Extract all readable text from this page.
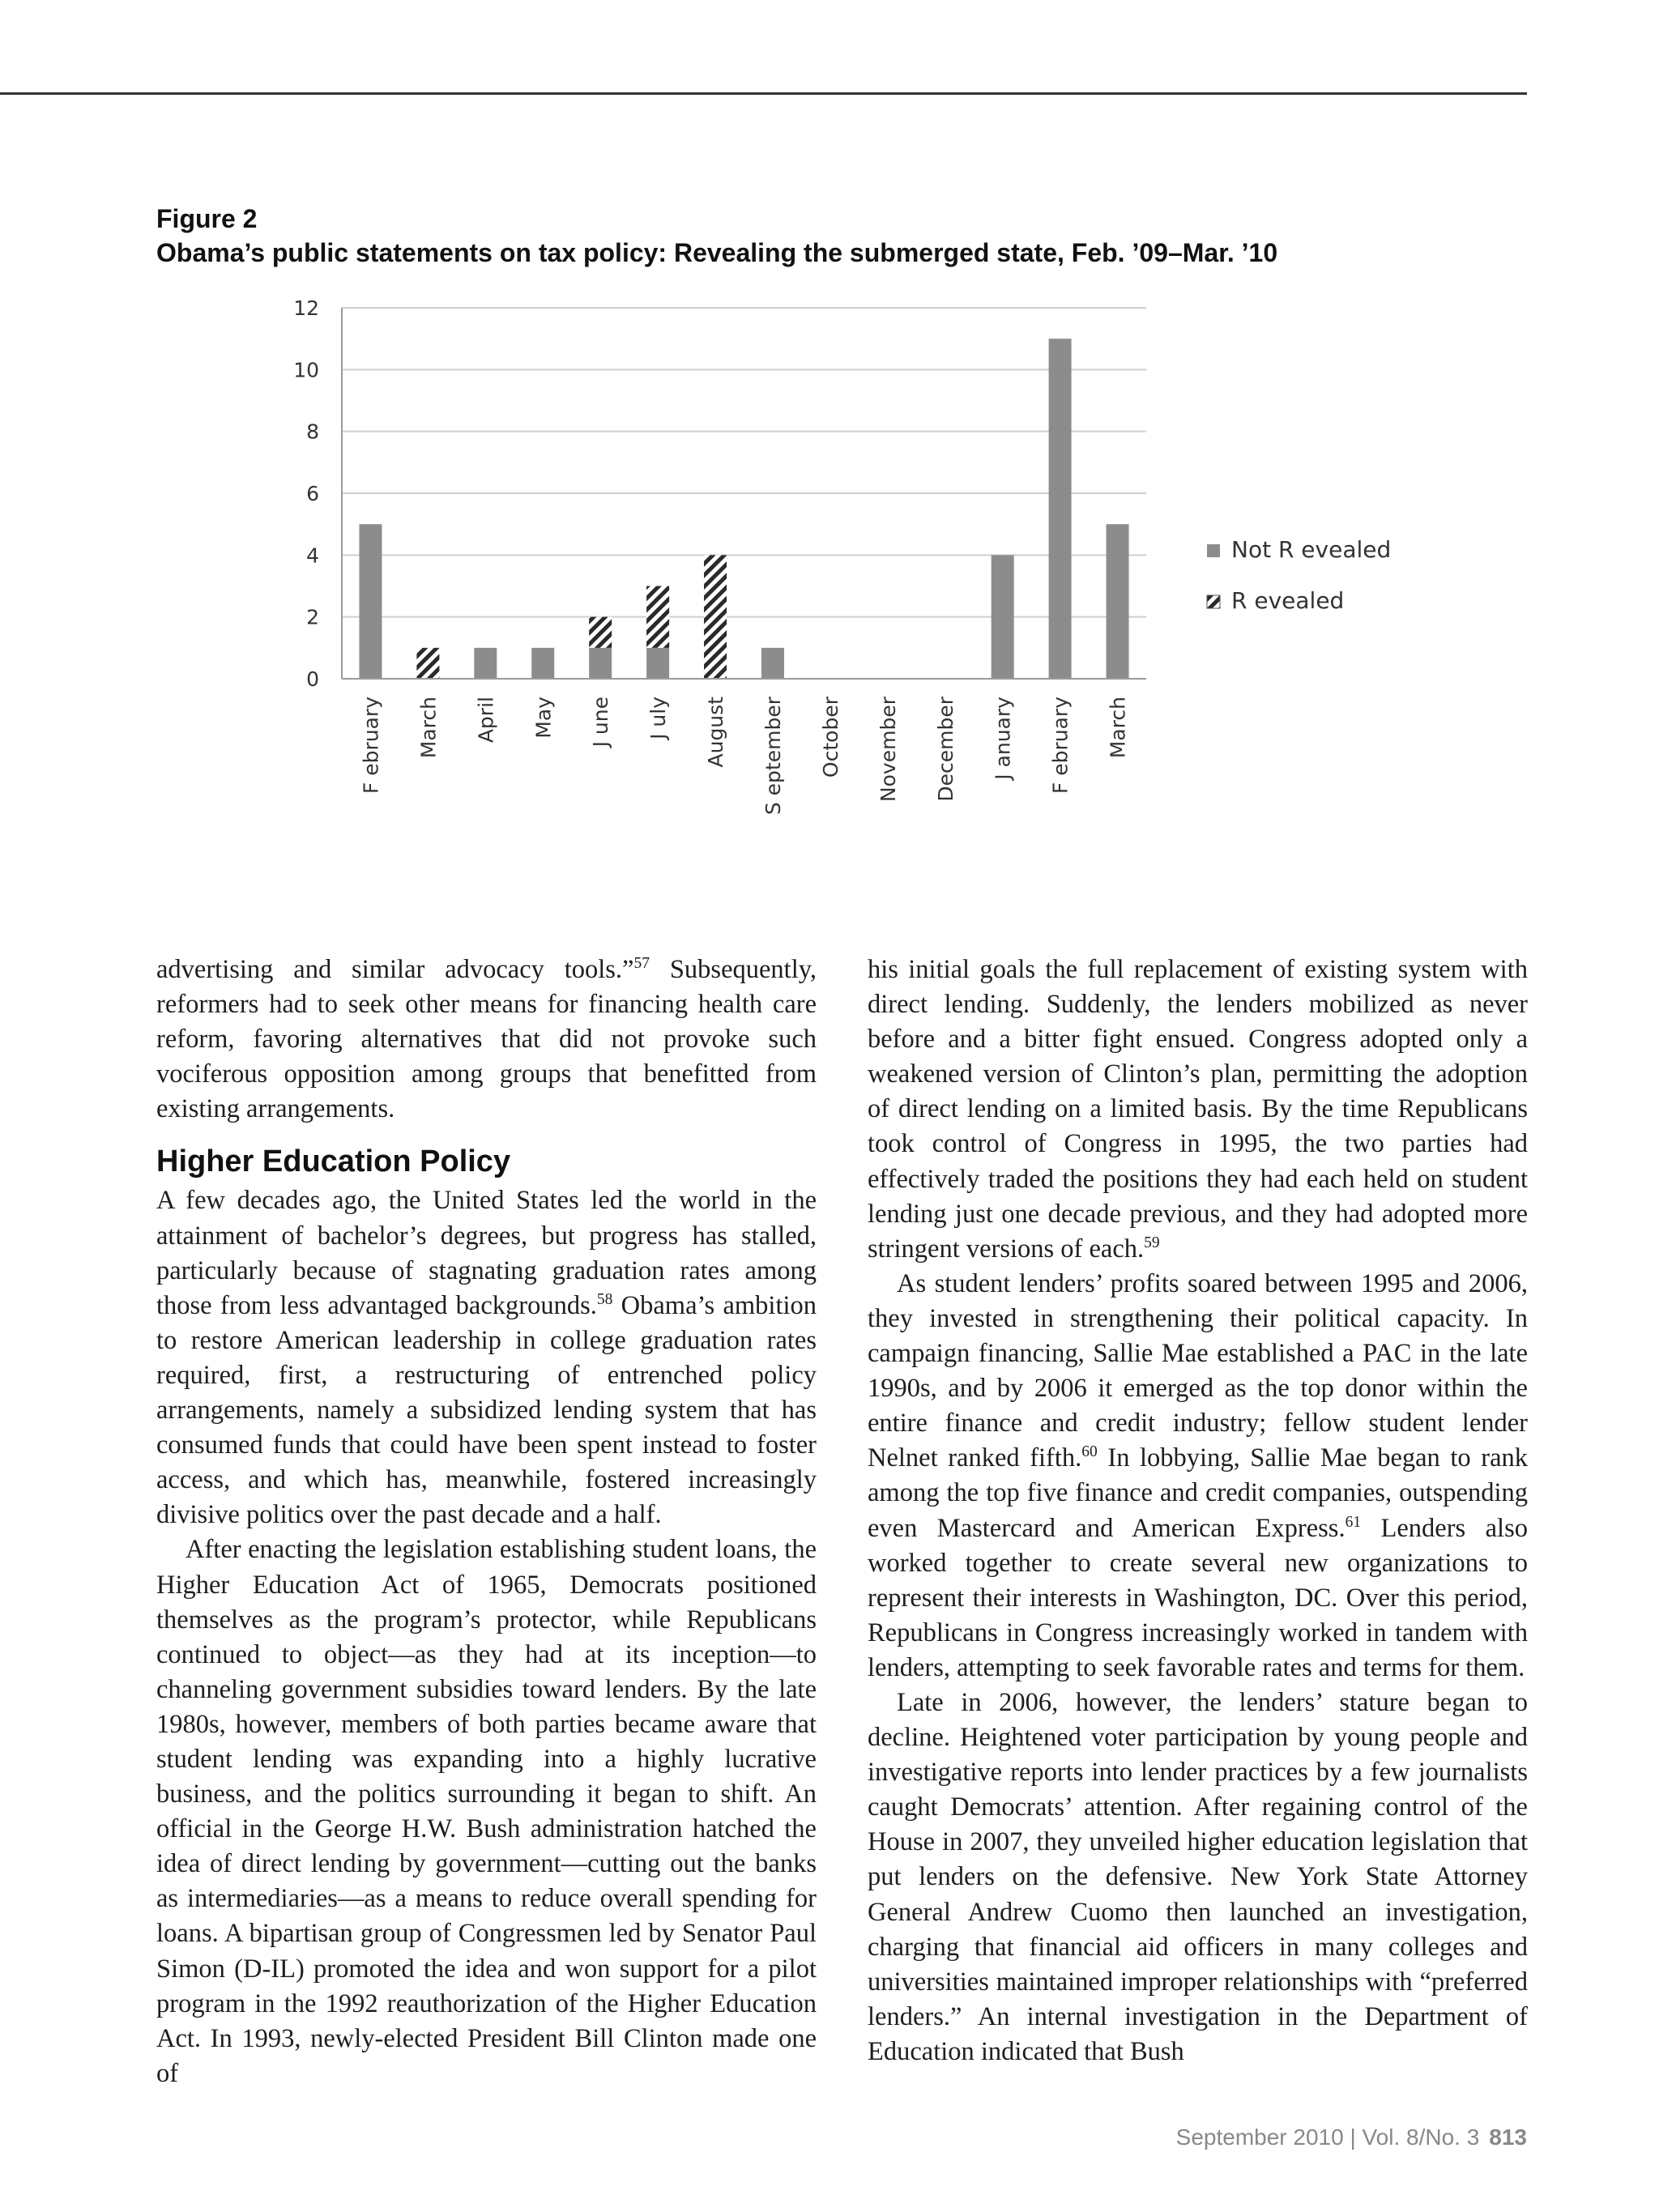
Figure 2
Obama’s public statements on tax policy: Revealing the submerged state, Feb. ’09–Mar. ’10
0
2
4
6
8
10
12
F ebruary March April May J une J uly August S eptember October November December J anuary F ebruary March
Not R evealed
R evealed

advertising and similar advocacy tools.”$^{57}$ Subsequently, reformers had to seek other means for financing health care reform, favoring alternatives that did not provoke such vociferous opposition among groups that benefitted from existing arrangements.

Higher Education Policy

A few decades ago, the United States led the world in the attainment of bachelor’s degrees, but progress has stalled, particularly because of stagnating graduation rates among those from less advantaged backgrounds.$^{58}$ Obama’s ambition to restore American leadership in college graduation rates required, first, a restructuring of entrenched policy arrangements, namely a subsidized lending system that has consumed funds that could have been spent instead to foster access, and which has, meanwhile, fostered increasingly divisive politics over the past decade and a half.

After enacting the legislation establishing student loans, the Higher Education Act of 1965, Democrats positioned themselves as the program’s protector, while Republicans continued to object—as they had at its inception—to channeling government subsidies toward lenders. By the late 1980s, however, members of both parties became aware that student lending was expanding into a highly lucrative business, and the politics surrounding it began to shift. An official in the George H.W. Bush administration hatched the idea of direct lending by government—cutting out the banks as intermediaries—as a means to reduce overall spending for loans. A bipartisan group of Congressmen led by Senator Paul Simon (D-IL) promoted the idea and won support for a pilot program in the 1992 reauthorization of the Higher Education Act. In 1993, newly-elected President Bill Clinton made one of

his initial goals the full replacement of existing system with direct lending. Suddenly, the lenders mobilized as never before and a bitter fight ensued. Congress adopted only a weakened version of Clinton’s plan, permitting the adoption of direct lending on a limited basis. By the time Republicans took control of Congress in 1995, the two parties had effectively traded the positions they had each held on student lending just one decade previous, and they had adopted more stringent versions of each.$^{59}$

As student lenders’ profits soared between 1995 and 2006, they invested in strengthening their political capacity. In campaign financing, Sallie Mae established a PAC in the late 1990s, and by 2006 it emerged as the top donor within the entire finance and credit industry; fellow student lender Nelnet ranked fifth.$^{60}$ In lobbying, Sallie Mae began to rank among the top five finance and credit companies, outspending even Mastercard and American Express.$^{61}$ Lenders also worked together to create several new organizations to represent their interests in Washington, DC. Over this period, Republicans in Congress increasingly worked in tandem with lenders, attempting to seek favorable rates and terms for them.

Late in 2006, however, the lenders’ stature began to decline. Heightened voter participation by young people and investigative reports into lender practices by a few journalists caught Democrats’ attention. After regaining control of the House in 2007, they unveiled higher education legislation that put lenders on the defensive. New York State Attorney General Andrew Cuomo then launched an investigation, charging that financial aid officers in many colleges and universities maintained improper relationships with “preferred lenders.” An internal investigation in the Department of Education indicated that Bush

September 2010 | Vol. 8/No. 3 813
